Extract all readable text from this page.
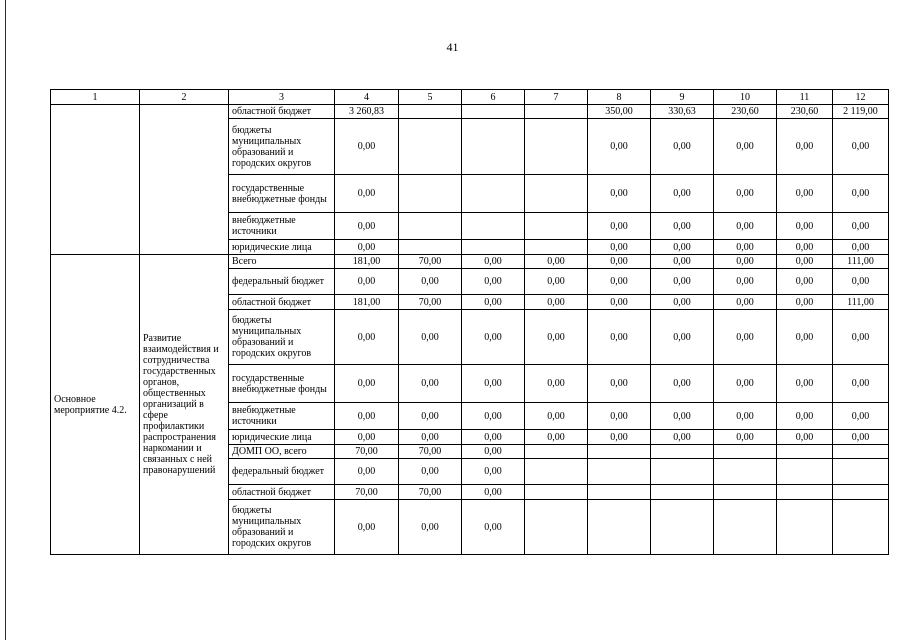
41
1	2	3	4	5	6	7	8	9	10	11	12
		областной бюджет	3 260,83				350,00	330,63	230,60	230,60	2 119,00
		бюджеты муниципальных образований и городских округов	0,00				0,00	0,00	0,00	0,00	0,00
		государственные внебюджетные фонды	0,00				0,00	0,00	0,00	0,00	0,00
		внебюджетные источники	0,00				0,00	0,00	0,00	0,00	0,00
		юридические лица	0,00				0,00	0,00	0,00	0,00	0,00
Основное мероприятие 4.2.	Развитие взаимодействия и сотрудничества государственных органов, общественных организаций в сфере профилактики распространения наркомании и связанных с ней правонарушений	Всего	181,00	70,00	0,00	0,00	0,00	0,00	0,00	0,00	111,00
		федеральный бюджет	0,00	0,00	0,00	0,00	0,00	0,00	0,00	0,00	0,00
		областной бюджет	181,00	70,00	0,00	0,00	0,00	0,00	0,00	0,00	111,00
		бюджеты муниципальных образований и городских округов	0,00	0,00	0,00	0,00	0,00	0,00	0,00	0,00	0,00
		государственные внебюджетные фонды	0,00	0,00	0,00	0,00	0,00	0,00	0,00	0,00	0,00
		внебюджетные источники	0,00	0,00	0,00	0,00	0,00	0,00	0,00	0,00	0,00
		юридические лица	0,00	0,00	0,00	0,00	0,00	0,00	0,00	0,00	0,00
		ДОМП ОО, всего	70,00	70,00	0,00						
		федеральный бюджет	0,00	0,00	0,00						
		областной бюджет	70,00	70,00	0,00						
		бюджеты муниципальных образований и городских округов	0,00	0,00	0,00						
